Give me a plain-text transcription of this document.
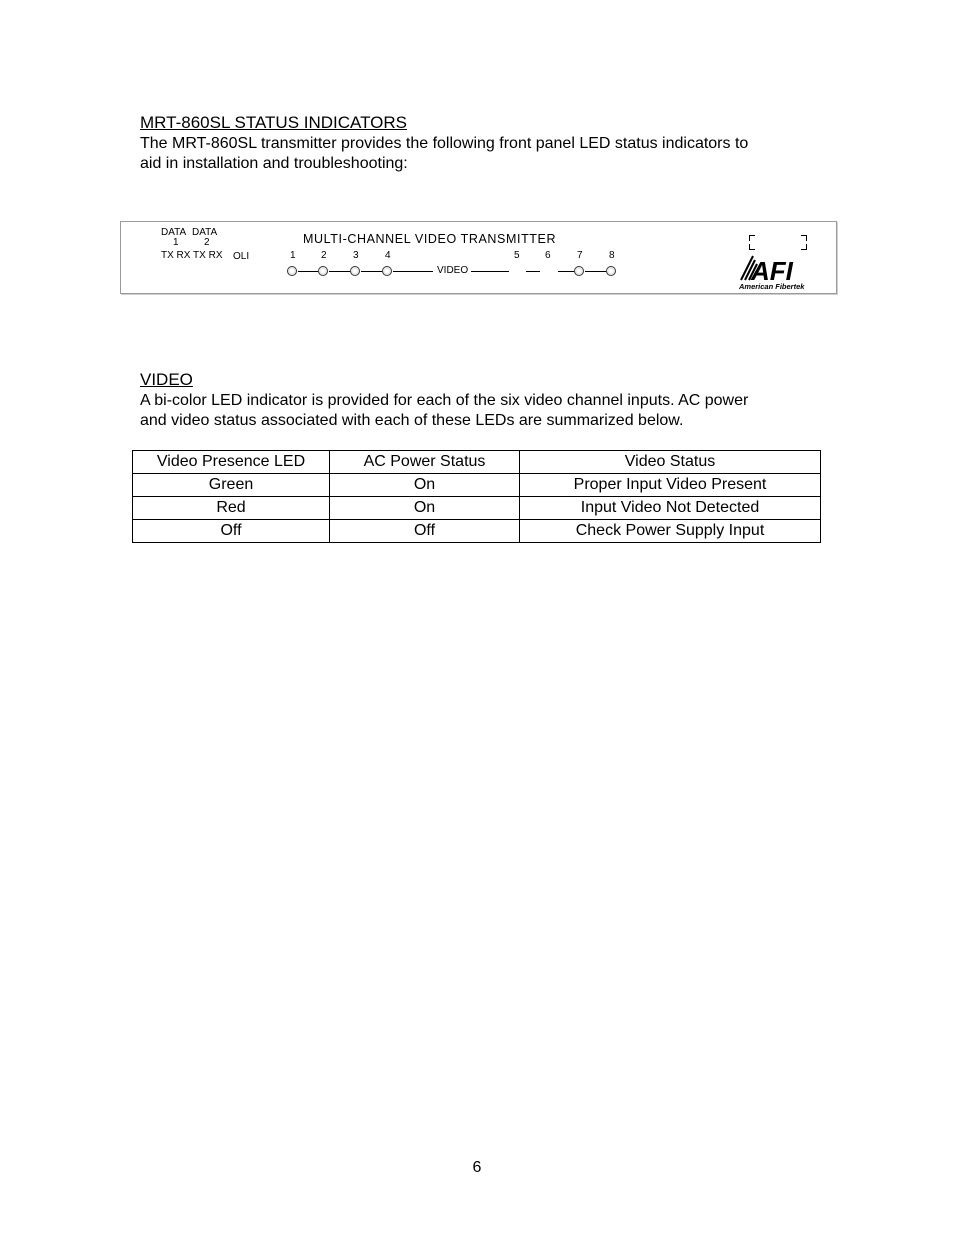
MRT-860SL STATUS INDICATORS

The MRT-860SL transmitter provides the following front panel LED status indicators to
aid in installation and troubleshooting:

DATA DATA
1	2
TX RX TX RX OLI
MULTI-CHANNEL VIDEO TRANSMITTER
1	2	3	4	5	6	7	8
VIDEO	AFI
American Fibertek
VIDEO

A bi-color LED indicator is provided for each of the six video channel inputs. AC power
and video status associated with each of these LEDs are summarized below.

Video Presence LED	AC Power Status	Video Status
Green	On	Proper Input Video Present
Red	On	Input Video Not Detected
Off	Off	Check Power Supply Input
6
